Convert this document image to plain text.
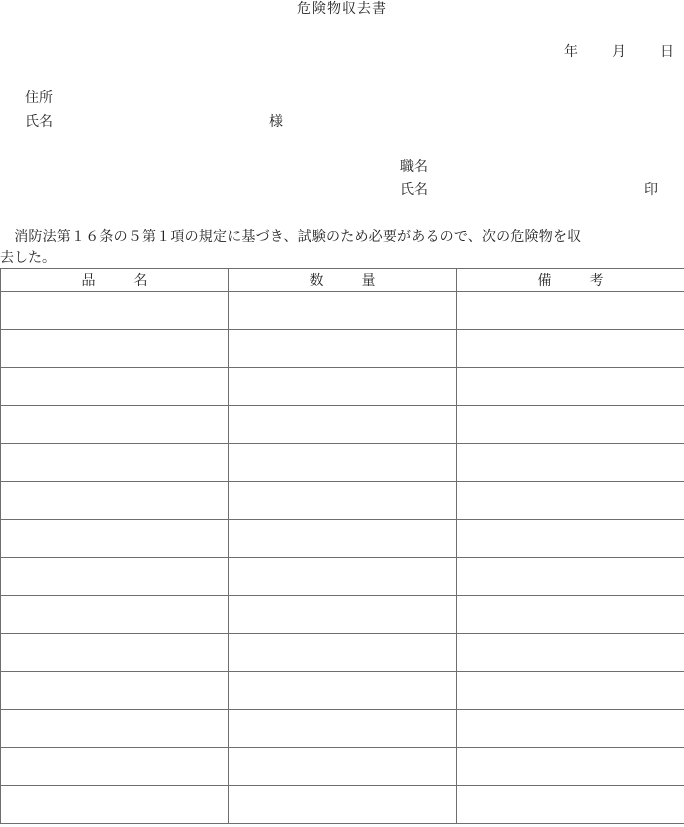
危険物収去書
年 月 日
住所
氏名	様
職名
氏名	印
　消防法第１６条の５第１項の規定に基づき、試験のため必要があるので、次の危険物を収
去した。
品 名	数 量	備 考
